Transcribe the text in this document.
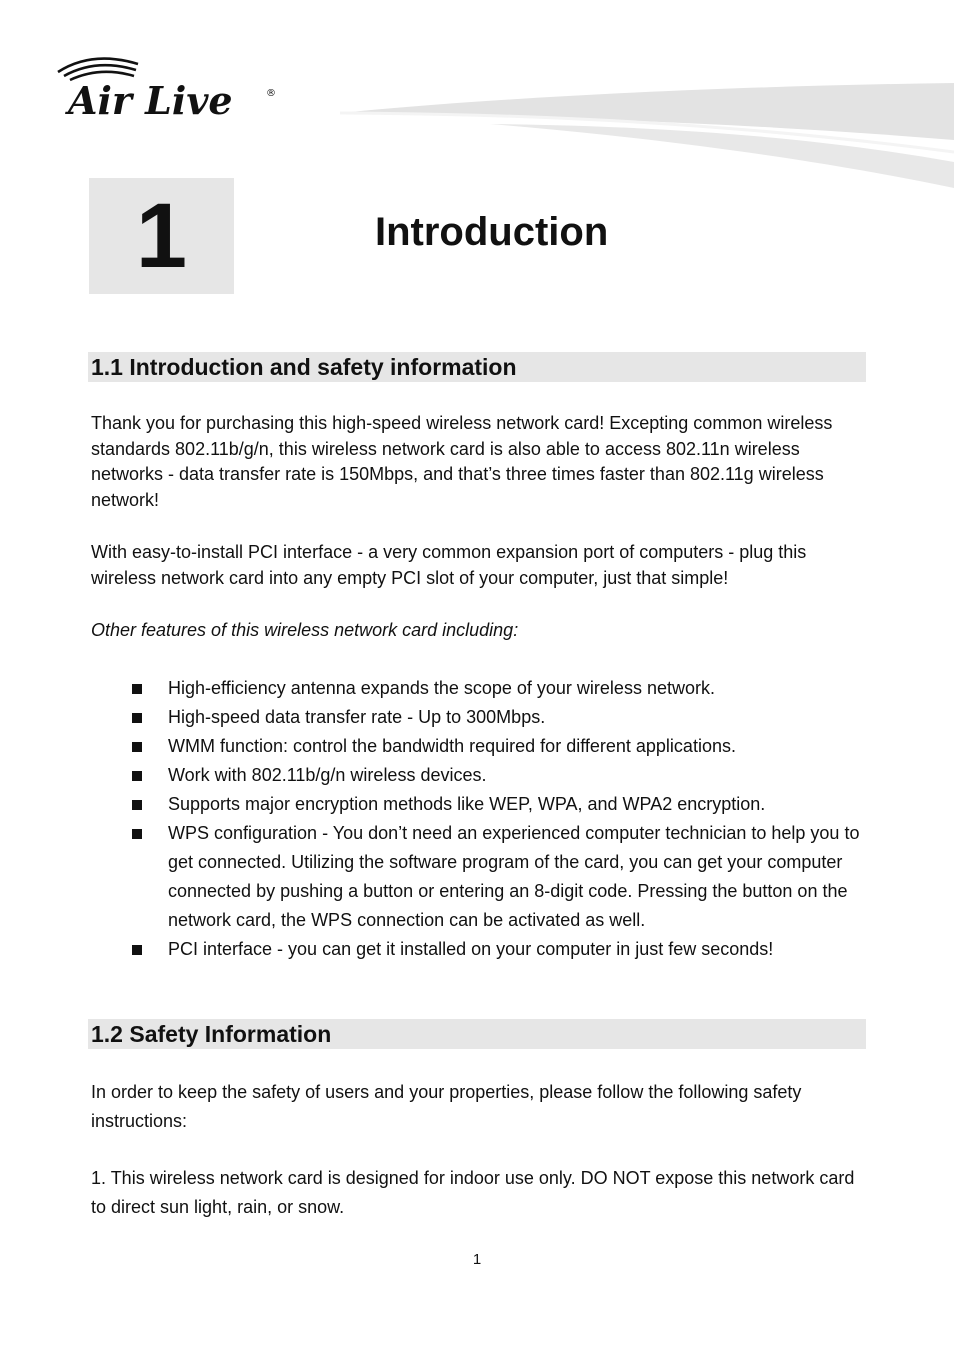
Air Live	®
1	Introduction
1.1 Introduction and safety information
Thank you for purchasing this high-speed wireless network card! Excepting common wireless standards 802.11b/g/n, this wireless network card is also able to access 802.11n wireless networks - data transfer rate is 150Mbps, and that’s three times faster than 802.11g wireless network!
With easy-to-install PCI interface - a very common expansion port of computers - plug this wireless network card into any empty PCI slot of your computer, just that simple!
Other features of this wireless network card including:
High-efficiency antenna expands the scope of your wireless network.
High-speed data transfer rate - Up to 300Mbps.
WMM function: control the bandwidth required for different applications.
Work with 802.11b/g/n wireless devices.
Supports major encryption methods like WEP, WPA, and WPA2 encryption.
WPS configuration - You don’t need an experienced computer technician to help you to get connected. Utilizing the software program of the card, you can get your computer connected by pushing a button or entering an 8-digit code. Pressing the button on the network card, the WPS connection can be activated as well.
PCI interface - you can get it installed on your computer in just few seconds!
1.2 Safety Information
In order to keep the safety of users and your properties, please follow the following safety instructions:
1. This wireless network card is designed for indoor use only. DO NOT expose this network card to direct sun light, rain, or snow.
1
